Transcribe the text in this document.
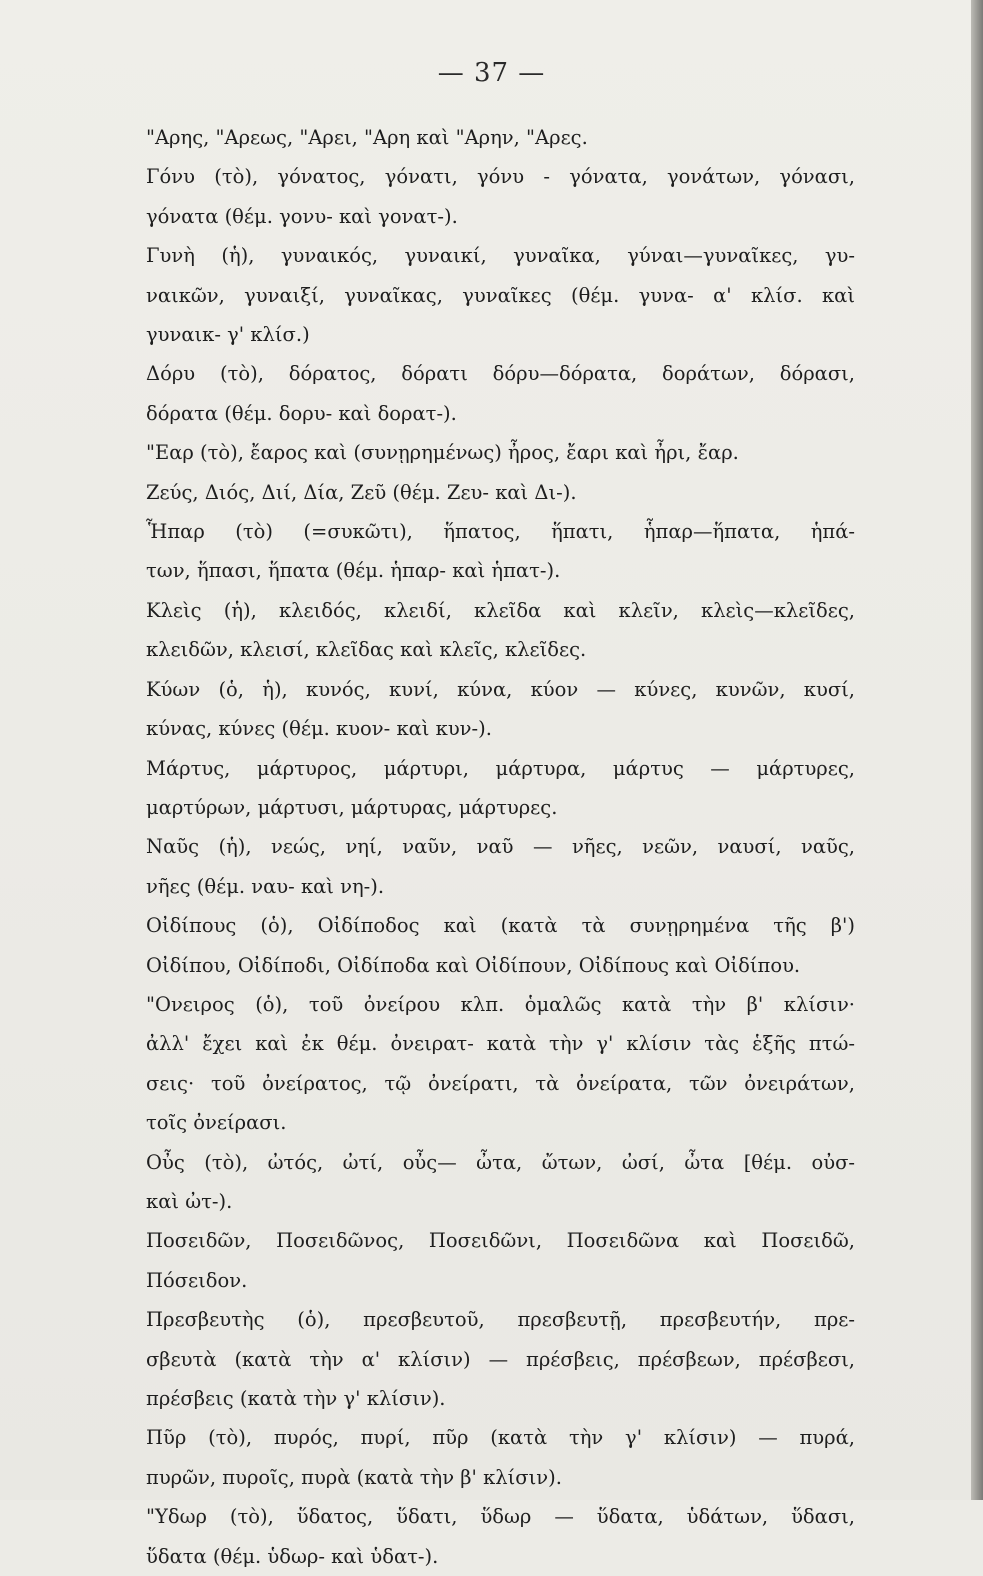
— 37 —

"Αρης, "Αρεως, "Αρει, "Αρη καὶ "Αρην, "Αρες.

Γόνυ (τὸ), γόνατος, γόνατι, γόνυ - γόνατα, γονάτων, γόνασι,
γόνατα (θέμ. γονυ- καὶ γονατ-).

Γυνὴ (ἡ), γυναικός, γυναικί, γυναῖκα, γύναι—γυναῖκες, γυ-
ναικῶν, γυναιξί, γυναῖκας, γυναῖκες (θέμ. γυνα- α' κλίσ. καὶ
γυναικ- γ' κλίσ.)

Δόρυ (τὸ), δόρατος, δόρατι δόρυ—δόρατα, δοράτων, δόρασι,
δόρατα (θέμ. δορυ- καὶ δορατ-).

"Εαρ (τὸ), ἔαρος καὶ (συνῃρημένως) ἦρος, ἔαρι καὶ ἦρι, ἔαρ.

Ζεύς, Διός, Διί, Δία, Ζεῦ (θέμ. Ζευ- καὶ Δι-).

Ἧπαρ (τὸ) (=συκῶτι), ἥπατος, ἥπατι, ἧπαρ—ἥπατα, ἡπά-
των, ἥπασι, ἥπατα (θέμ. ἡπαρ- καὶ ἡπατ-).

Κλεὶς (ἡ), κλειδός, κλειδί, κλεῖδα καὶ κλεῖν, κλεὶς—κλεῖδες,
κλειδῶν, κλεισί, κλεῖδας καὶ κλεῖς, κλεῖδες.

Κύων (ὁ, ἡ), κυνός, κυνί, κύνα, κύον — κύνες, κυνῶν, κυσί,
κύνας, κύνες (θέμ. κυον- καὶ κυν-).

Μάρτυς, μάρτυρος, μάρτυρι, μάρτυρα, μάρτυς — μάρτυρες,
μαρτύρων, μάρτυσι, μάρτυρας, μάρτυρες.

Ναῦς (ἡ), νεώς, νηί, ναῦν, ναῦ — νῆες, νεῶν, ναυσί, ναῦς,
νῆες (θέμ. ναυ- καὶ νη-).

Οἰδίπους (ὁ), Οἰδίποδος καὶ (κατὰ τὰ συνῃρημένα τῆς β')
Οἰδίπου, Οἰδίποδι, Οἰδίποδα καὶ Οἰδίπουν, Οἰδίπους καὶ Οἰδίπου.

"Ονειρος (ὁ), τοῦ ὀνείρου κλπ. ὁμαλῶς κατὰ τὴν β' κλίσιν·
ἀλλ' ἔχει καὶ ἐκ θέμ. ὀνειρατ- κατὰ τὴν γ' κλίσιν τὰς ἑξῆς πτώ-
σεις· τοῦ ὀνείρατος, τῷ ὀνείρατι, τὰ ὀνείρατα, τῶν ὀνειράτων,
τοῖς ὀνείρασι.

Οὖς (τὸ), ὠτός, ὠτί, οὖς— ὦτα, ὤτων, ὠσί, ὦτα [θέμ. οὐσ-
καὶ ὠτ-).

Ποσειδῶν, Ποσειδῶνος, Ποσειδῶνι, Ποσειδῶνα καὶ Ποσειδῶ,
Πόσειδον.

Πρεσβευτὴς (ὁ), πρεσβευτοῦ, πρεσβευτῇ, πρεσβευτήν, πρε-
σβευτὰ (κατὰ τὴν α' κλίσιν) — πρέσβεις, πρέσβεων, πρέσβεσι,
πρέσβεις (κατὰ τὴν γ' κλίσιν).

Πῦρ (τὸ), πυρός, πυρί, πῦρ (κατὰ τὴν γ' κλίσιν) — πυρά,
πυρῶν, πυροῖς, πυρὰ (κατὰ τὴν β' κλίσιν).

"Υδωρ (τὸ), ὕδατος, ὕδατι, ὕδωρ — ὕδατα, ὑδάτων, ὕδασι,
ὕδατα (θέμ. ὑδωρ- καὶ ὑδατ-).
